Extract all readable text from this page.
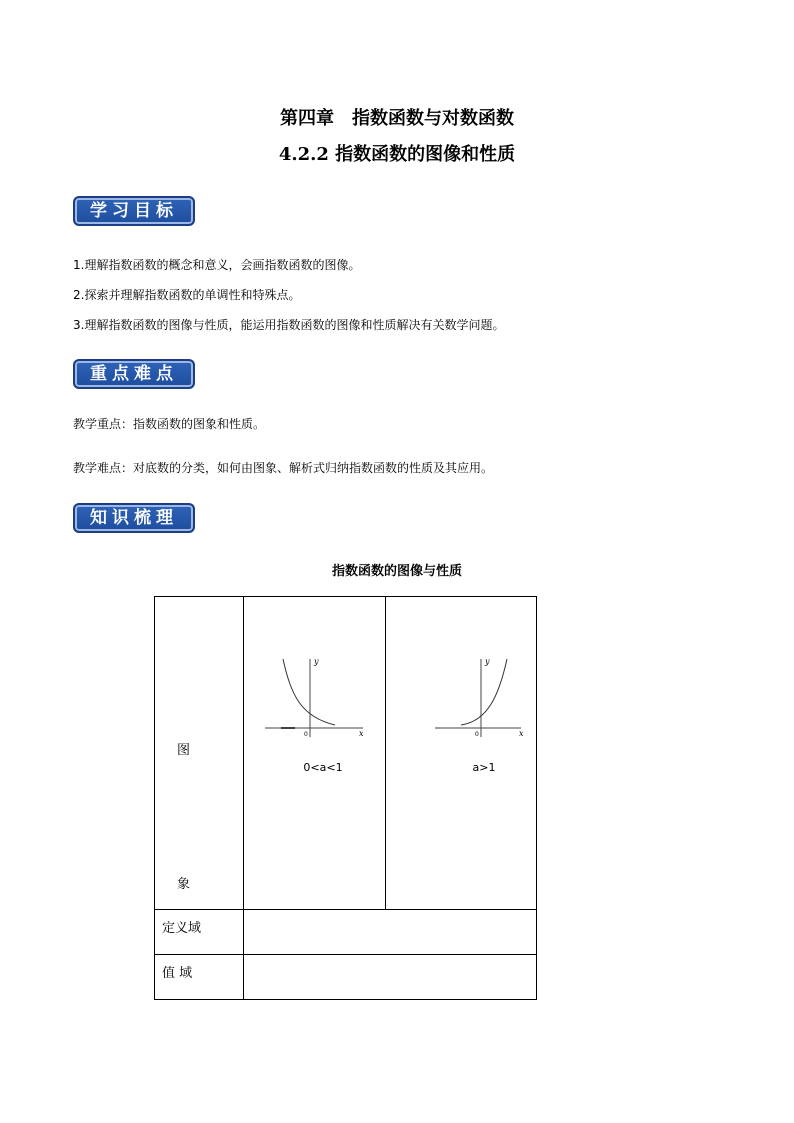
第四章　指数函数与对数函数
4.2.2 指数函数的图像和性质
学习目标
1.理解指数函数的概念和意义，会画指数函数的图像。
2.探索并理解指数函数的单调性和特殊点。
3.理解指数函数的图像与性质，能运用指数函数的图像和性质解决有关数学问题。
重点难点
教学重点：指数函数的图象和性质。
教学难点：对底数的分类，如何由图象、解析式归纳指数函数的性质及其应用。
知识梳理
指数函数的图像与性质
图
象
定义域
值 域
x
y
0
0<a<1
x
y
0
a>1
